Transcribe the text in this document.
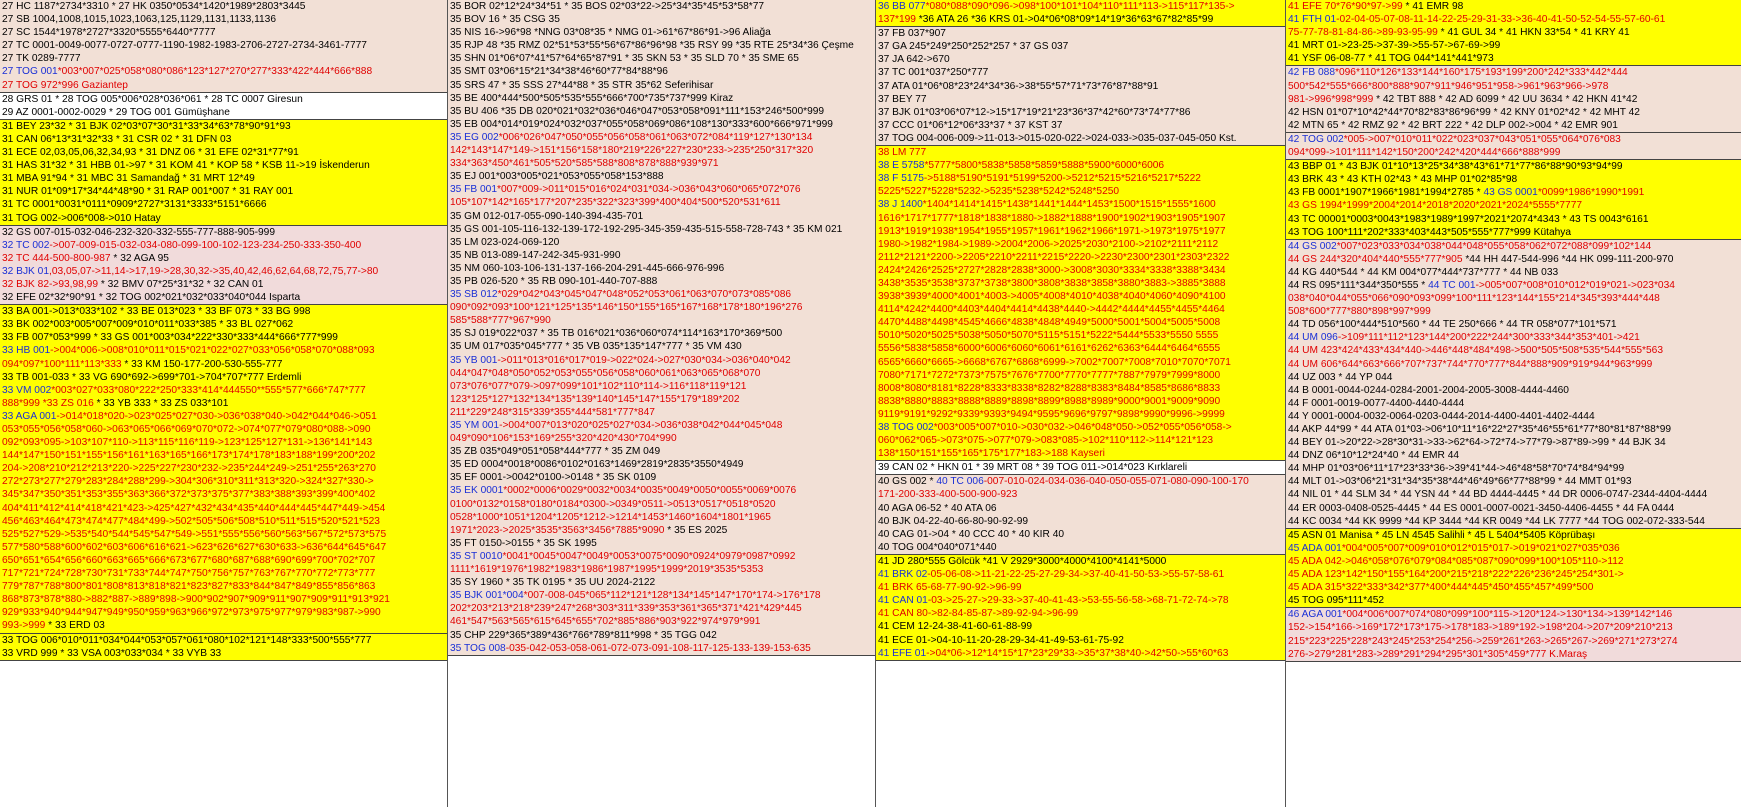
27 HC 1187*2734*3310 * 27 HK 0350*0534*1420*1989*2803*3445
27 SB 1004,1008,1015,1023,1063,125,1129,1131,1133,1136
27 SC 1544*1978*2727*3320*5555*6440*7777
27 TC 0001-0049-0077-0727-0777-1190-1982-1983-2706-2727-2734-3461-7777
27 TK 0289-7777
27 TOG 001*003*007*025*058*080*086*123*127*270*277*333*422*444*666*888
27 TOG 972*996 Gaziantep
28 GRS 01 * 28 TOG 005*006*028*036*061 * 28 TC 0007 Giresun
29 AZ 0001-0002-0029 * 29 TOG 001 Gümüşhane
31 BEY 23*32 * 31 BJK 02*03*07*30*31*33*34*63*78*90*91*93
31 CAN 06*13*31*32*33 * 31 CSR 02 * 31 DFN 03
31 ECE 02,03,05,06,32,34,93 * 31 DNZ 06 * 31 EFE 02*31*77*91
31 HAS 31*32 * 31 HBB 01->97 * 31 KOM 41 * KOP 58 * KSB 11->19 İskenderun
31 MBA 91*94 * 31 MBC 31 Samandağ * 31 MRT 12*49
31 NUR 01*09*17*34*44*48*90 * 31 RAP 001*007 * 31 RAY 001
31 TC 0001*0031*0111*0909*2727*3131*3333*5151*6666
31 TOG 002->006*008->010 Hatay
32 GS 007-015-032-046-232-320-332-555-777-888-905-999
32 TC 002->007-009-015-032-034-080-099-100-102-123-234-250-333-350-400
32 TC 444-500-800-987 * 32 AGA 95
32 BJK 01,03,05,07->11,14->17,19->28,30,32->35,40,42,46,62,64,68,72,75,77->80
32 BJK 82->93,98,99 * 32 BMV 07*25*31*32 * 32 CAN 01
32 EFE 02*32*90*91 * 32 TOG 002*021*032*033*040*044 Isparta
33 BA 001->013*033*102 * 33 BE 013*023 * 33 BF 073 * 33 BG 998
33 BK 002*003*005*007*009*010*011*033*385 * 33 BL 027*062
33 FB 007*053*999 * 33 GS 001*003*034*222*330*333*444*666*777*999
33 HB 001->004*006->008*010*011*015*021*022*027*033*056*058*070*088*093
094*097*100*111*113*333 * 33 KM 150-177-200-530-555-777
33 TB 001-033 * 33 VG 690*692->699*701->704*707*777 Erdemli
33 VM 002*003*027*033*080*222*250*333*414*444550**555*577*666*747*777
888*999 *33 ZS 016 * 33 YB 333 * 33 ZS 033*101
33 AGA 001->014*018*020->023*025*027*030->036*038*040->042*044*046->051
053*055*056*058*060->063*065*066*069*070*072->074*077*079*080*088->090
092*093*095->103*107*110->113*115*116*119->123*125*127*131->136*141*143
144*147*150*151*155*156*161*163*165*166*173*174*178*183*188*199*200*202
204->208*210*212*213*220->225*227*230*232->235*244*249->251*255*263*270
272*273*277*279*283*284*288*299->304*306*310*311*313*320->324*327*330->
345*347*350*351*353*355*363*366*372*373*375*377*383*388*393*399*400*402
404*411*412*414*418*421*423->425*427*432*434*435*440*444*445*447*449->454
456*463*464*473*474*477*484*499->502*505*506*508*510*511*515*520*521*523
525*527*529->535*540*544*545*547*549->551*555*556*560*563*567*572*573*575
577*580*588*600*602*603*606*616*621->623*626*627*630*633->636*644*645*647
650*651*654*656*660*663*665*666*673*677*680*687*688*690*699*700*702*707
717*721*724*728*730*731*733*744*747*750*756*757*763*767*770*772*773*777
779*787*788*800*801*808*813*818*821*823*827*833*844*847*849*855*856*863
868*873*878*880->882*887->889*898->900*902*907*909*911*907*909*911*913*921
929*933*940*944*947*949*950*959*963*966*972*973*975*977*979*983*987->990
993->999 * 33 ERD 03
33 TOG 006*010*011*034*044*053*057*061*080*102*121*148*333*500*555*777
33 VRD 999 * 33 VSA 003*033*034 * 33 VYB 33
35 BOR 02*12*24*34*51 * 35 BOS 02*03*22->25*34*35*45*53*58*77
35 BOV 16 * 35 CSG 35
35 NIS 16->96*98 *NNG 03*08*35 * NMG 01->61*67*86*91->96 Aliağa
35 RJP 48 *35 RMZ 02*51*53*55*56*67*86*96*98 *35 RSY 99 *35 RTE 25*34*36 Çeşme
35 SHN 01*06*07*41*57*64*65*87*91 * 35 SKN 53 * 35 SLD 70 * 35 SME 65
35 SMT 03*06*15*21*34*38*46*60*77*84*88*96
35 SRS 47 * 35 SSS 27*44*88 * 35 STR 35*62 Seferihisar
35 BE 400*444*500*505*535*555*666*700*735*737*999 Kiraz
35 BU 406 *35 DB 020*021*032*036*046*047*053*058*091*111*153*246*500*999
35 EB 004*014*019*024*032*037*055*058*069*086*108*130*333*600*666*971*999
35 EG 002*006*026*047*050*055*056*058*061*063*072*084*119*127*130*134
142*143*147*149->151*156*158*180*219*226*227*230*233->235*250*317*320
334*363*450*461*505*520*585*588*808*878*888*939*971
35 EJ 001*003*005*021*053*055*058*153*888
35 FB 001*007*009->011*015*016*024*031*034->036*043*060*065*072*076
105*107*142*165*177*207*235*322*323*399*400*404*500*520*531*611
35 GM 012-017-055-090-140-394-435-701
35 GS 001-105-116-132-139-172-192-295-345-359-435-515-558-728-743 * 35 KM 021
35 LM 023-024-069-120
35 NB 013-089-147-242-345-931-990
35 NM 060-103-106-131-137-166-204-291-445-666-976-996
35 PB 026-520 * 35 RB 090-101-440-707-888
35 SB 012*029*042*043*045*047*048*052*053*061*063*070*073*085*086
090*092*093*100*121*125*135*146*150*155*165*167*168*178*180*196*276
585*588*777*967*990
35 SJ 019*022*037 * 35 TB 016*021*036*060*074*114*163*170*369*500
35 UM 017*035*045*777 * 35 VB 035*135*147*777 * 35 VM 430
35 YB 001->011*013*016*017*019->022*024->027*030*034->036*040*042
044*047*048*050*052*053*055*056*058*060*061*063*065*068*070
073*076*077*079->097*099*101*102*110*114->116*118*119*121
123*125*127*132*134*135*139*140*145*147*155*179*189*202
211*229*248*315*339*355*444*581*777*847
35 YM 001->004*007*013*020*025*027*034->036*038*042*044*045*048
049*090*106*153*169*255*320*420*430*704*990
35 ZB 035*049*051*058*444*777 * 35 ZM 049
35 ED 0004*0018*0086*0102*0163*1469*2819*2835*3550*4949
35 EF 0001->0042*0100->0148 * 35 SK 0109
35 EK 0001*0002*0006*0029*0032*0034*0035*0049*0050*0055*0069*0076
0100*0132*0158*0180*0184*0300->0349*0511->0513*0517*0518*0520
0528*1000*1051*1204*1205*1212->1214*1453*1460*1604*1801*1965
1971*2023->2025*3535*3563*3456*7885*9090 * 35 ES 2025
35 FT 0150->0155 * 35 SK 1995
35 ST 0010*0041*0045*0047*0049*0053*0075*0090*0924*0979*0987*0992
1111*1619*1976*1982*1983*1986*1987*1995*1999*2019*3535*5353
35 SY 1960 * 35 TK 0195 * 35 UU 2024-2122
35 BJK 001*004*007-008-045*065*112*121*128*134*145*147*170*174->176*178
202*203*213*218*239*247*268*303*311*339*353*361*365*371*421*429*445
461*547*563*565*615*645*655*702*885*886*903*922*974*979*991
35 CHP 229*365*389*436*766*789*811*998 * 35 TGG 042
35 TOG 008-035-042-053-058-061-072-073-091-108-117-125-133-139-153-635
36 BB 077*080*088*090*096->098*100*101*104*110*111*113->115*117*135->
137*199 *36 ATA 26 *36 KRS 01->04*06*08*09*14*19*36*63*67*82*85*99
37 FB 037*907
37 GA 245*249*250*252*257 * 37 GS 037
37 JA 642->670
37 TC 001*037*250*777
37 ATA 01*06*08*23*24*34*36->38*55*57*71*73*76*87*88*91
37 BEY 77
37 BJK 01*03*06*07*12->15*17*19*21*23*36*37*42*60*73*74*77*86
37 CCC 01*06*12*06*33*37 * 37 KST 37
37 TOG 004-006-009->11-013->015-020-022->024-033->035-037-045-050 Kst.
38 LM 777
38 E 5758*5777*5800*5838*5858*5859*5888*5900*6000*6006
38 F 5175->5188*5190*5191*5199*5200->5212*5215*5216*5217*5222
5225*5227*5228*5232->5235*5238*5242*5248*5250
38 J 1400*1404*1414*1415*1438*1441*1444*1453*1500*1515*1555*1600
1616*1717*1777*1818*1838*1880->1882*1888*1900*1902*1903*1905*1907
1913*1919*1938*1954*1955*1957*1961*1962*1966*1971->1973*1975*1977
1980->1982*1984->1989->2004*2006->2025*2030*2100->2102*2111*2112
2112*2121*2200->2205*2210*2211*2215*2220->2230*2300*2301*2303*2322
2424*2426*2525*2727*2828*2838*3000->3008*3030*3334*3338*3388*3434
3438*3535*3538*3737*3738*3800*3808*3838*3858*3880*3883->3885*3888
3938*3939*4000*4001*4003->4005*4008*4010*4038*4040*4060*4090*4100
4114*4242*4400*4403*4404*4414*4438*4440->4442*4444*4455*4455*4464
4470*4488*4498*4545*4666*4838*4848*4949*5000*5001*5004*5005*5008
5010*5020*5025*5038*5050*5070*5115*5151*5222*5444*5533*5550 5555
5556*5838*5858*6000*6006*6060*6061*6161*6262*6363*6444*6464*6555
6565*6660*6665->6668*6767*6868*6999->7002*7007*7008*7010*7070*7071
7080*7171*7272*7373*7575*7676*7700*7770*7777*7887*7979*7999*8000
8008*8080*8181*8228*8333*8338*8282*8288*8383*8484*8585*8686*8833
8838*8880*8883*8888*8889*8898*8899*8988*8989*9000*9001*9009*9090
9119*9191*9292*9339*9393*9494*9595*9696*9797*9898*9990*9996->9999
38 TOG 002*003*005*007*010->030*032->046*048*050->052*055*056*058->
060*062*065->073*075->077*079->083*085->102*110*112->114*121*123
138*150*151*155*165*175*177*183->188 Kayseri
39 CAN 02 * HKN 01 * 39 MRT 08 * 39 TOG 011->014*023 Kırklareli
40 GS 002 * 40 TC 006-007-010-024-034-036-040-050-055-071-080-090-100-170
171-200-333-400-500-900-923
40 AGA 06-52 * 40 ATA 06
40 BJK 04-22-40-66-80-90-92-99
40 CAG 01->04 * 40 CCC 40 * 40 KIR 40
40 TOG 004*040*071*440
41 JD 280*555 Gölcük *41 V 2929*3000*4000*4100*4141*5000
41 BRK 02-05-06-08->11-21-22-25-27-29-34->37-40-41-50-53->55-57-58-61
41 BRK 65-68-77-90-92->96-99
41 CAN 01-03->25-27->29-33->37-40-41-43->53-55-56-58->68-71-72-74->78
41 CAN 80->82-84-85-87->89-92-94->96-99
41 CEM 12-24-38-41-60-61-88-99
41 ECE 01->04-10-11-20-28-29-34-41-49-53-61-75-92
41 EFE 01->04*06->12*14*15*17*23*29*33->35*37*38*40->42*50->55*60*63
41 EFE 70*76*90*97->99 * 41 EMR 98
41 FTH 01-02-04-05-07-08-11-14-22-25-29-31-33->36-40-41-50-52-54-55-57-60-61
75-77-78-81-84-86->89-93-95-99 * 41 GUL 34 * 41 HKN 33*54 * 41 KRY 41
41 MRT 01->23-25->37-39->55-57->67-69->99
41 YSF 06-08-77 * 41 TOG 044*141*441*973
42 FB 088*096*110*126*133*144*160*175*193*199*200*242*333*442*444
500*542*555*666*800*888*907*911*946*951*958->961*963*966->978
981->996*998*999 * 42 TBT 888 * 42 AD 6099 * 42 UU 3634 * 42 HKN 41*42
42 HSN 01*07*10*42*44*70*82*83*86*96*99 * 42 KNY 01*02*42 * 42 MHT 42
42 MTN 65 * 42 RMZ 92 * 42 BRT 222 * 42 DLP 002->004 * 42 EMR 901
42 TOG 002*005->007*010*011*022*023*037*043*051*055*064*076*083
094*099->101*111*142*150*200*242*420*444*666*888*999
43 BBP 01 * 43 BJK 01*10*13*25*34*38*43*61*71*77*86*88*90*93*94*99
43 BRK 43 * 43 KTH 02*43 * 43 MHP 01*02*85*98
43 FB 0001*1907*1966*1981*1994*2785 * 43 GS 0001*0099*1986*1990*1991
43 GS 1994*1999*2004*2014*2018*2020*2021*2024*5555*7777
43 TC 00001*0003*0043*1983*1989*1997*2021*2074*4343 * 43 TS 0043*6161
43 TOG 100*111*202*333*403*443*505*555*777*999 Kütahya
44 GS 002*007*023*033*034*038*044*048*055*058*062*072*088*099*102*144
44 GS 244*320*404*440*555*777*905 *44 HH 447-544-996 *44 HK 099-111-200-970
44 KG 440*544 * 44 KM 004*077*444*737*777 * 44 NB 033
44 RS 095*111*344*350*555 * 44 TC 001->005*007*008*010*012*019*021->023*034
038*040*044*055*066*090*093*099*100*111*123*144*155*214*345*393*444*448
508*600*777*880*898*997*999
44 TD 056*100*444*510*560 * 44 TE 250*666 * 44 TR 058*077*101*571
44 UM 096->109*111*112*123*144*200*222*244*300*333*344*353*401->421
44 UM 423*424*433*434*440->446*448*484*498->500*505*508*535*544*555*563
44 UM 606*644*663*666*707*737*744*770*777*844*888*909*919*944*963*999
44 UZ 003 * 44 YP 044
44 B 0001-0044-0244-0284-2001-2004-2005-3008-4444-4460
44 F 0001-0019-0077-4400-4440-4444
44 Y 0001-0004-0032-0064-0203-0444-2014-4400-4401-4402-4444
44 AKP 44*99 * 44 ATA 01*03->06*10*11*16*22*27*35*46*55*61*77*80*81*87*88*99
44 BEY 01->20*22->28*30*31->33->62*64->72*74->77*79->87*89->99 * 44 BJK 34
44 DNZ 06*10*12*24*40 * 44 EMR 44
44 MHP 01*03*06*11*17*23*33*36->39*41*44->46*48*58*70*74*84*94*99
44 MLT 01->03*06*21*31*34*35*38*44*46*49*66*77*88*99 * 44 MMT 01*93
44 NIL 01 * 44 SLM 34 * 44 YSN 44 * 44 BD 4444-4445 * 44 DR 0006-0747-2344-4404-4444
44 ER 0003-0408-0525-4445 * 44 ES 0001-0007-0021-3450-4406-4455 * 44 FA 0444
44 KC 0034 *44 KK 9999 *44 KP 3444 *44 KR 0049 *44 LK 7777 *44 TOG 002-072-333-544
45 ASN 01 Manisa * 45 LN 4545 Salihli * 45 L 5404*5405 Köprübaşı
45 ADA 001*004*005*007*009*010*012*015*017->019*021*027*035*036
45 ADA 042->046*058*076*079*084*085*087*090*099*100*105*110->112
45 ADA 123*142*150*155*164*200*215*218*222*226*236*245*254*301->
45 ADA 315*322*333*342*377*400*444*445*450*455*457*499*500
45 TOG 095*111*452
46 AGA 001*004*006*007*074*080*099*100*115->120*124->130*134->139*142*146
152->154*166->169*172*173*175->178*183->189*192->198*204->207*209*210*213
215*223*225*228*243*245*253*254*256->259*261*263->265*267->269*271*273*274
276->279*281*283->289*291*294*295*301*305*459*777 K.Maraş
